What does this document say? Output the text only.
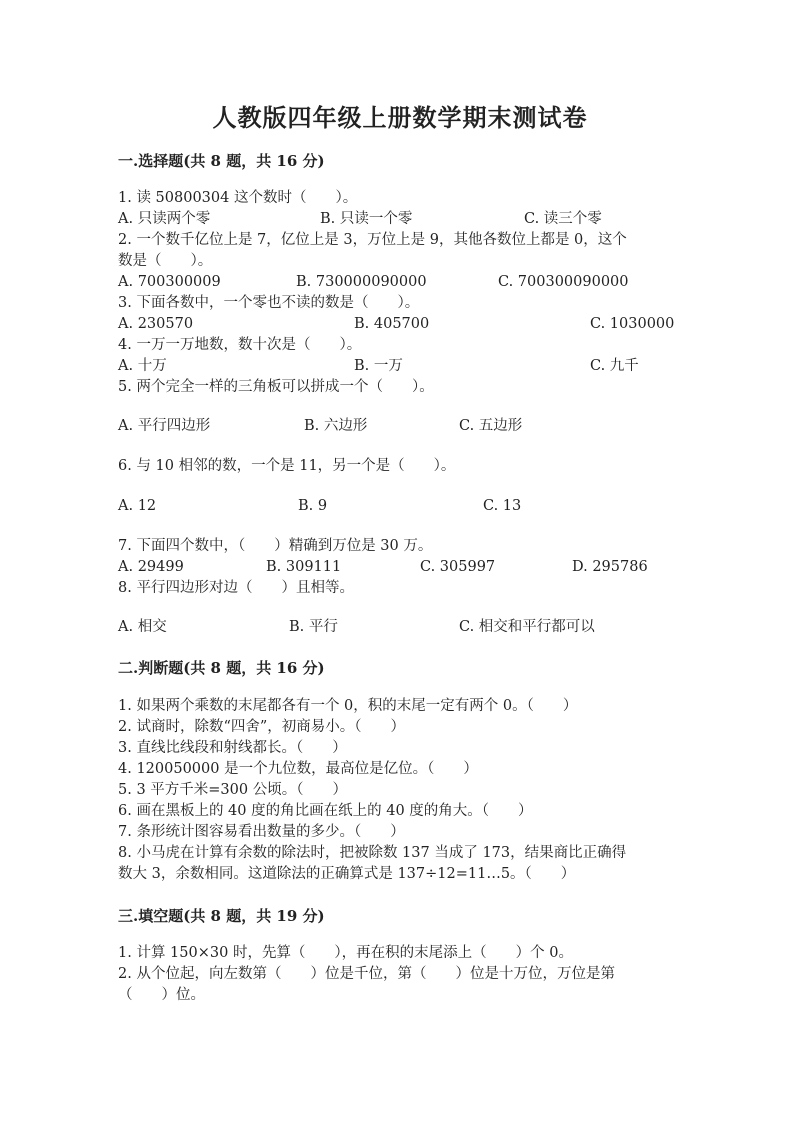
人教版四年级上册数学期末测试卷
一.选择题(共 8 题，共 16 分)
1. 读 50800304 这个数时（　　）。
A. 只读两个零	B. 只读一个零	C. 读三个零
2. 一个数千亿位上是 7，亿位上是 3，万位上是 9，其他各数位上都是 0，这个
数是（　　）。
A. 700300009	B. 730000090000	C. 700300090000
3. 下面各数中，一个零也不读的数是（　　）。
A. 230570	B. 405700	C. 1030000
4. 一万一万地数，数十次是（　　）。
A. 十万	B. 一万	C. 九千
5. 两个完全一样的三角板可以拼成一个（　　）。
A. 平行四边形	B. 六边形	C. 五边形
6. 与 10 相邻的数，一个是 11，另一个是（　　）。
A. 12	B. 9	C. 13
7. 下面四个数中，（　　）精确到万位是 30 万。
A. 29499	B. 309111	C. 305997	D. 295786
8. 平行四边形对边（　　）且相等。
A. 相交	B. 平行	C. 相交和平行都可以
二.判断题(共 8 题，共 16 分)
1. 如果两个乘数的末尾都各有一个 0，积的末尾一定有两个 0。（　　）
2. 试商时，除数“四舍”，初商易小。（　　）
3. 直线比线段和射线都长。（　　）
4. 120050000 是一个九位数，最高位是亿位。（　　）
5. 3 平方千米=300 公顷。（　　）
6. 画在黑板上的 40 度的角比画在纸上的 40 度的角大。（　　）
7. 条形统计图容易看出数量的多少。（　　）
8. 小马虎在计算有余数的除法时，把被除数 137 当成了 173，结果商比正确得
数大 3，余数相同。这道除法的正确算式是 137÷12=11…5。（　　）
三.填空题(共 8 题，共 19 分)
1. 计算 150×30 时，先算（　　），再在积的末尾添上（　　）个 0。
2. 从个位起，向左数第（　　）位是千位，第（　　）位是十万位，万位是第
（　　）位。
